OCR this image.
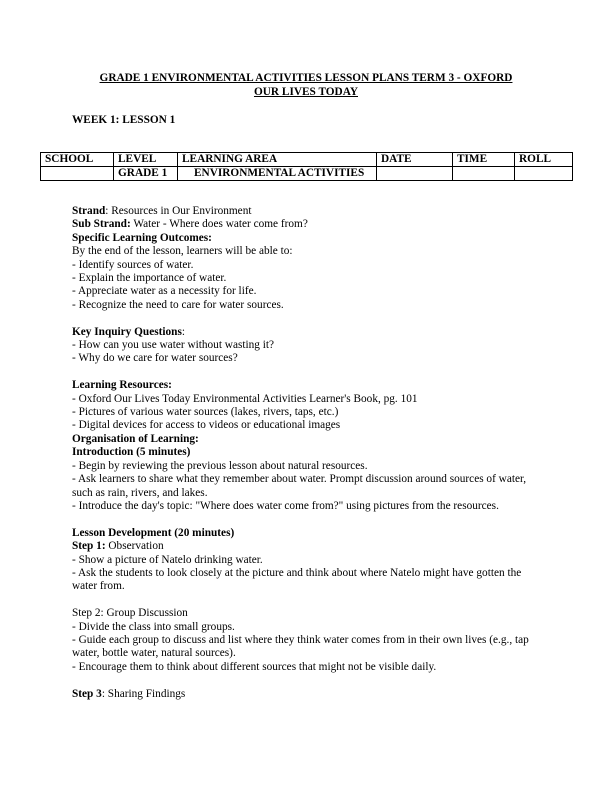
GRADE 1 ENVIRONMENTAL ACTIVITIES LESSON PLANS TERM 3 - OXFORD
OUR LIVES TODAY
WEEK 1: LESSON 1
SCHOOL	LEVEL	LEARNING AREA	DATE	TIME	ROLL
	GRADE 1	ENVIRONMENTAL ACTIVITIES			

Strand: Resources in Our Environment

Sub Strand: Water - Where does water come from?

Specific Learning Outcomes:

By the end of the lesson, learners will be able to:

- Identify sources of water.

- Explain the importance of water.

- Appreciate water as a necessity for life.

- Recognize the need to care for water sources.

Key Inquiry Questions:

- How can you use water without wasting it?

- Why do we care for water sources?

Learning Resources:

- Oxford Our Lives Today Environmental Activities Learner's Book, pg. 101

- Pictures of various water sources (lakes, rivers, taps, etc.)

- Digital devices for access to videos or educational images

Organisation of Learning:

Introduction (5 minutes)

- Begin by reviewing the previous lesson about natural resources.

- Ask learners to share what they remember about water. Prompt discussion around sources of water, such as rain, rivers, and lakes.

- Introduce the day's topic: "Where does water come from?" using pictures from the resources.

Lesson Development (20 minutes)

Step 1: Observation

- Show a picture of Natelo drinking water.

- Ask the students to look closely at the picture and think about where Natelo might have gotten the water from.

Step 2: Group Discussion

- Divide the class into small groups.

- Guide each group to discuss and list where they think water comes from in their own lives (e.g., tap water, bottle water, natural sources).

- Encourage them to think about different sources that might not be visible daily.

Step 3: Sharing Findings
